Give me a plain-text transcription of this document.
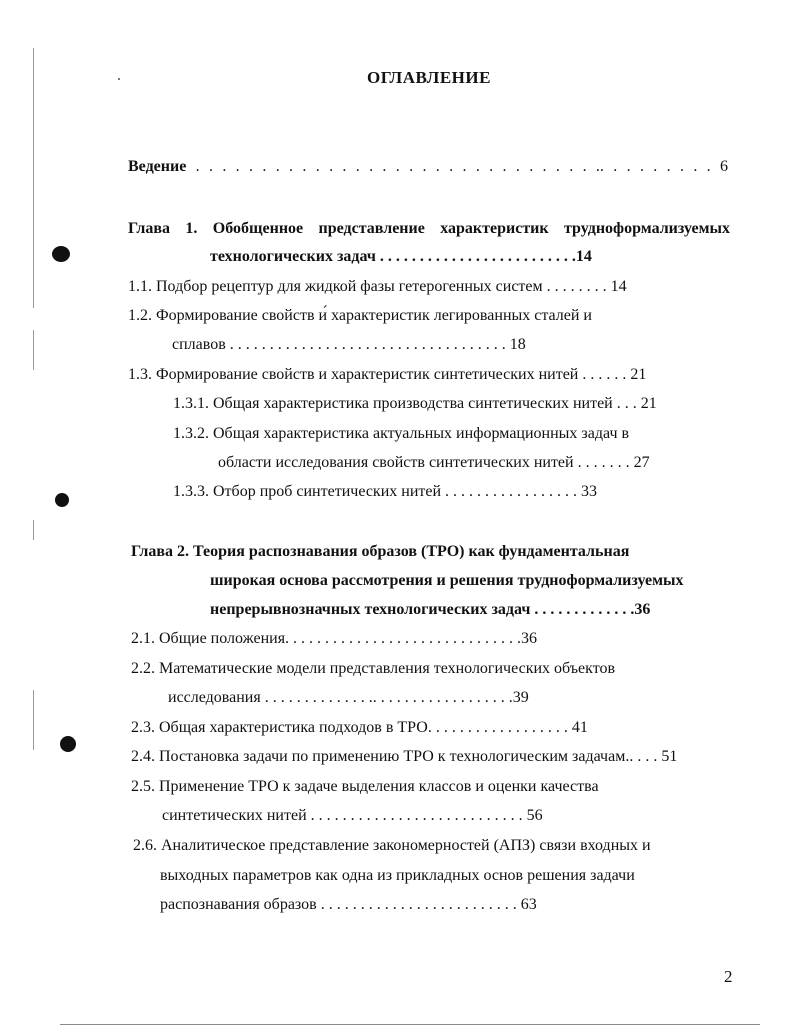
ОГЛАВЛЕНИЕ
Ведение . . . . . . . . . . . . . . . . . . . . . . . . . . . . . . .. . . . . . . . . 6
Глава 1. Обобщенное представление характеристик трудноформализуемых
технологических задач . . . . . . . . . . . . . . . . . . . . . . . . .14
1.1. Подбор рецептур для жидкой фазы гетерогенных систем . . . . . . . . 14
1.2. Формирование свойств и́ характеристик легированных сталей и
сплавов . . . . . . . . . . . . . . . . . . . . . . . . . . . . . . . . . . . 18
1.3. Формирование свойств и характеристик синтетических нитей . . . . . . 21
1.3.1. Общая характеристика производства синтетических нитей . . . 21
1.3.2. Общая характеристика актуальных информационных задач в
области исследования свойств синтетических нитей . . . . . . . 27
1.3.3. Отбор проб синтетических нитей . . . . . . . . . . . . . . . . . 33
Глава 2. Теория распознавания образов (ТРО) как фундаментальная
широкая основа рассмотрения и решения трудноформализуемых
непрерывнозначных технологических задач . . . . . . . . . . . . .36
2.1. Общие положения. . . . . . . . . . . . . . . . . . . . . . . . . . . . . .36
2.2. Математические модели представления технологических объектов
исследования . . . . . . . . . . . . . .. . . . . . . . . . . . . . . . . .39
2.3. Общая характеристика подходов в ТРО. . . . . . . . . . . . . . . . . . 41
2.4. Постановка задачи по применению ТРО к технологическим задачам.. . . . 51
2.5. Применение ТРО к задаче выделения классов и оценки качества
синтетических нитей . . . . . . . . . . . . . . . . . . . . . . . . . . . 56
2.6. Аналитическое представление закономерностей (АПЗ) связи входных и
выходных параметров как одна из прикладных основ решения задачи
распознавания образов . . . . . . . . . . . . . . . . . . . . . . . . . 63
2
